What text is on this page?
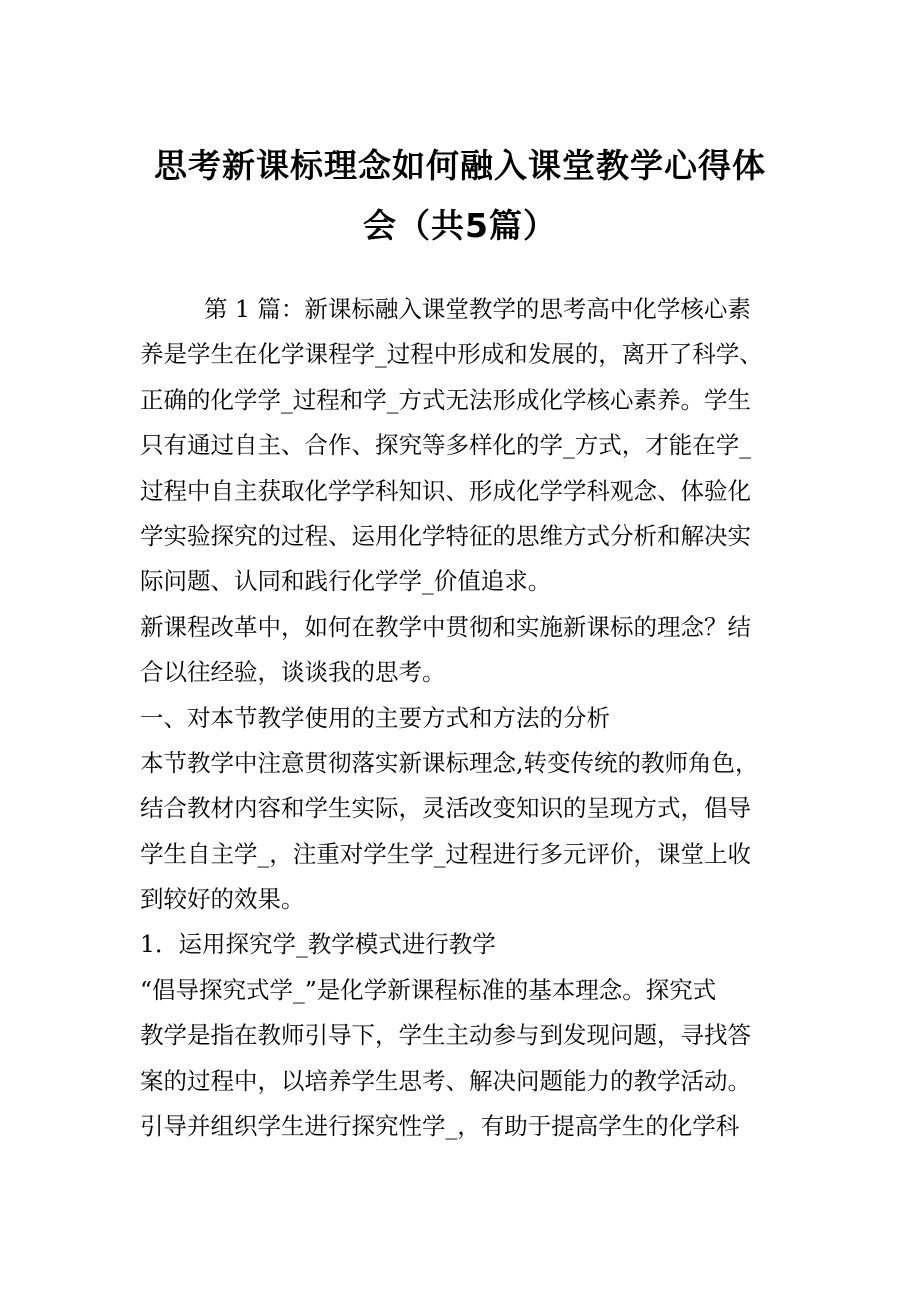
思考新课标理念如何融入课堂教学心得体
会（共5篇）
第 1 篇：新课标融入课堂教学的思考高中化学核心素
养是学生在化学课程学_过程中形成和发展的，离开了科学、
正确的化学学_过程和学_方式无法形成化学核心素养。学生
只有通过自主、合作、探究等多样化的学_方式，才能在学_
过程中自主获取化学学科知识、形成化学学科观念、体验化
学实验探究的过程、运用化学特征的思维方式分析和解决实
际问题、认同和践行化学学_价值追求。
新课程改革中，如何在教学中贯彻和实施新课标的理念？结
合以往经验，谈谈我的思考。
一、对本节教学使用的主要方式和方法的分析
本节教学中注意贯彻落实新课标理念,转变传统的教师角色，
结合教材内容和学生实际，灵活改变知识的呈现方式，倡导
学生自主学_，注重对学生学_过程进行多元评价，课堂上收
到较好的效果。
1．运用探究学_教学模式进行教学
“倡导探究式学_”是化学新课程标准的基本理念。探究式
教学是指在教师引导下，学生主动参与到发现问题，寻找答
案的过程中，以培养学生思考、解决问题能力的教学活动。
引导并组织学生进行探究性学_，有助于提高学生的化学科
